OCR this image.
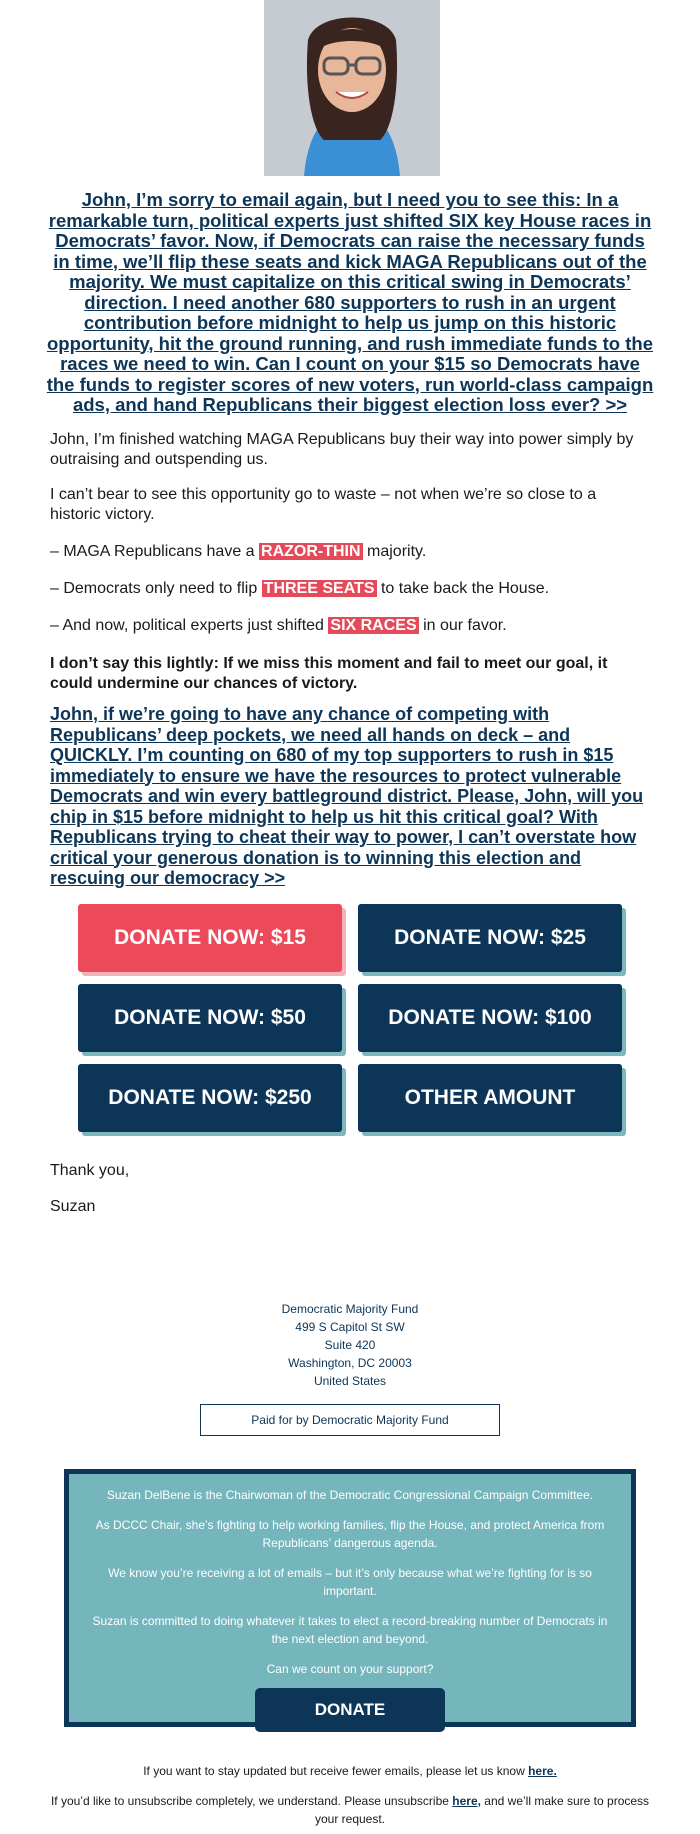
John, I’m sorry to email again, but I need you to see this: In a remarkable turn, political experts just shifted SIX key House races in Democrats’ favor. Now, if Democrats can raise the necessary funds in time, we’ll flip these seats and kick MAGA Republicans out of the majority. We must capitalize on this critical swing in Democrats’ direction. I need another 680 supporters to rush in an urgent contribution before midnight to help us jump on this historic opportunity, hit the ground running, and rush immediate funds to the races we need to win. Can I count on your $15 so Democrats have the funds to register scores of new voters, run world-class campaign ads, and hand Republicans their biggest election loss ever? >>

John, I’m finished watching MAGA Republicans buy their way into power simply by outraising and outspending us.

I can’t bear to see this opportunity go to waste – not when we’re so close to a historic victory.

– MAGA Republicans have a RAZOR-THIN majority.

– Democrats only need to flip THREE SEATS to take back the House.

– And now, political experts just shifted SIX RACES in our favor.

I don’t say this lightly: If we miss this moment and fail to meet our goal, it could undermine our chances of victory.

John, if we’re going to have any chance of competing with Republicans’ deep pockets, we need all hands on deck – and QUICKLY. I’m counting on 680 of my top supporters to rush in $15 immediately to ensure we have the resources to protect vulnerable Democrats and win every battleground district. Please, John, will you chip in $15 before midnight to help us hit this critical goal? With Republicans trying to cheat their way to power, I can’t overstate how critical your generous donation is to winning this election and rescuing our democracy >>

DONATE NOW: $15	DONATE NOW: $25
DONATE NOW: $50	DONATE NOW: $100
DONATE NOW: $250	OTHER AMOUNT
Thank you,
Suzan
Democratic Majority Fund
499 S Capitol St SW
Suite 420
Washington, DC 20003
United States
Paid for by Democratic Majority Fund

Suzan DelBene is the Chairwoman of the Democratic Congressional Campaign Committee.

As DCCC Chair, she’s fighting to help working families, flip the House, and protect America from Republicans’ dangerous agenda.

We know you’re receiving a lot of emails – but it’s only because what we’re fighting for is so important.

Suzan is committed to doing whatever it takes to elect a record-breaking number of Democrats in the next election and beyond.

Can we count on your support?

DONATE
If you want to stay updated but receive fewer emails, please let us know here.
If you’d like to unsubscribe completely, we understand. Please unsubscribe here, and we’ll make sure to process your request.
